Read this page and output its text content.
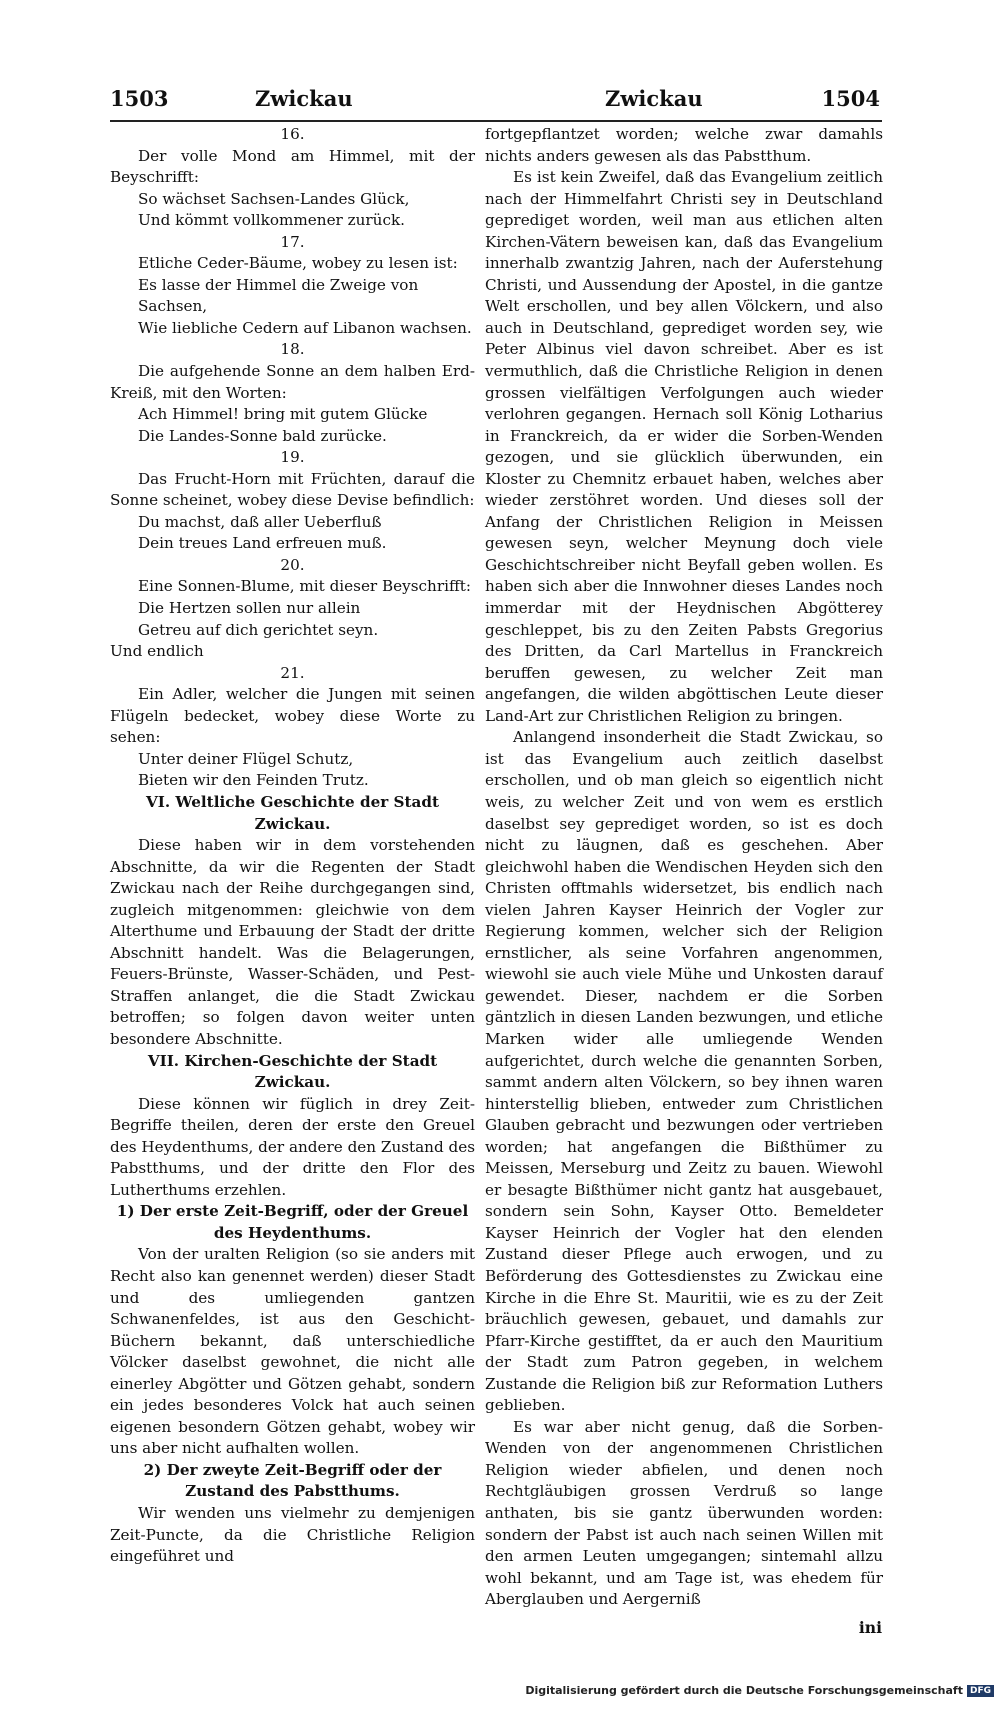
1503	Zwickau	Zwickau	1504

16.

Der volle Mond am Himmel, mit der Beyschrifft:

So wächset Sachsen-Landes Glück,

Und kömmt vollkommener zurück.

17.

Etliche Ceder-Bäume, wobey zu lesen ist:

Es lasse der Himmel die Zweige von Sachsen,

Wie liebliche Cedern auf Libanon wachsen.

18.

Die aufgehende Sonne an dem halben Erd-Kreiß, mit den Worten:

Ach Himmel! bring mit gutem Glücke

Die Landes-Sonne bald zurücke.

19.

Das Frucht-Horn mit Früchten, darauf die Sonne scheinet, wobey diese Devise befindlich:

Du machst, daß aller Ueberfluß

Dein treues Land erfreuen muß.

20.

Eine Sonnen-Blume, mit dieser Beyschrifft:

Die Hertzen sollen nur allein

Getreu auf dich gerichtet seyn.

Und endlich

21.

Ein Adler, welcher die Jungen mit seinen Flügeln bedecket, wobey diese Worte zu sehen:

Unter deiner Flügel Schutz,

Bieten wir den Feinden Trutz.

VI. Weltliche Geschichte der Stadt Zwickau.

Diese haben wir in dem vorstehenden Abschnitte, da wir die Regenten der Stadt Zwickau nach der Reihe durchgegangen sind, zugleich mitgenommen: gleichwie von dem Alterthume und Erbauung der Stadt der dritte Abschnitt handelt. Was die Belagerungen, Feuers-Brünste, Wasser-Schäden, und Pest-Straffen anlanget, die die Stadt Zwickau betroffen; so folgen davon weiter unten besondere Abschnitte.

VII. Kirchen-Geschichte der Stadt Zwickau.

Diese können wir füglich in drey Zeit-Begriffe theilen, deren der erste den Greuel des Heydenthums, der andere den Zustand des Pabstthums, und der dritte den Flor des Lutherthums erzehlen.

1) Der erste Zeit-Begriff, oder der Greuel des Heydenthums.

Von der uralten Religion (so sie anders mit Recht also kan genennet werden) dieser Stadt und des umliegenden gantzen Schwanenfeldes, ist aus den Geschicht-Büchern bekannt, daß unterschiedliche Völcker daselbst gewohnet, die nicht alle einerley Abgötter und Götzen gehabt, sondern ein jedes besonderes Volck hat auch seinen eigenen besondern Götzen gehabt, wobey wir uns aber nicht aufhalten wollen.

2) Der zweyte Zeit-Begriff oder der Zustand des Pabstthums.

Wir wenden uns vielmehr zu demjenigen Zeit-Puncte, da die Christliche Religion eingeführet und

fortgepflantzet worden; welche zwar damahls nichts anders gewesen als das Pabstthum.

Es ist kein Zweifel, daß das Evangelium zeitlich nach der Himmelfahrt Christi sey in Deutschland geprediget worden, weil man aus etlichen alten Kirchen-Vätern beweisen kan, daß das Evangelium innerhalb zwantzig Jahren, nach der Auferstehung Christi, und Aussendung der Apostel, in die gantze Welt erschollen, und bey allen Völckern, und also auch in Deutschland, geprediget worden sey, wie Peter Albinus viel davon schreibet. Aber es ist vermuthlich, daß die Christliche Religion in denen grossen vielfältigen Verfolgungen auch wieder verlohren gegangen. Hernach soll König Lotharius in Franckreich, da er wider die Sorben-Wenden gezogen, und sie glücklich überwunden, ein Kloster zu Chemnitz erbauet haben, welches aber wieder zerstöhret worden. Und dieses soll der Anfang der Christlichen Religion in Meissen gewesen seyn, welcher Meynung doch viele Geschichtschreiber nicht Beyfall geben wollen. Es haben sich aber die Innwohner dieses Landes noch immerdar mit der Heydnischen Abgötterey geschleppet, bis zu den Zeiten Pabsts Gregorius des Dritten, da Carl Martellus in Franckreich beruffen gewesen, zu welcher Zeit man angefangen, die wilden abgöttischen Leute dieser Land-Art zur Christlichen Religion zu bringen.

Anlangend insonderheit die Stadt Zwickau, so ist das Evangelium auch zeitlich daselbst erschollen, und ob man gleich so eigentlich nicht weis, zu welcher Zeit und von wem es erstlich daselbst sey geprediget worden, so ist es doch nicht zu läugnen, daß es geschehen. Aber gleichwohl haben die Wendischen Heyden sich den Christen offtmahls widersetzet, bis endlich nach vielen Jahren Kayser Heinrich der Vogler zur Regierung kommen, welcher sich der Religion ernstlicher, als seine Vorfahren angenommen, wiewohl sie auch viele Mühe und Unkosten darauf gewendet. Dieser, nachdem er die Sorben gäntzlich in diesen Landen bezwungen, und etliche Marken wider alle umliegende Wenden aufgerichtet, durch welche die genannten Sorben, sammt andern alten Völckern, so bey ihnen waren hinterstellig blieben, entweder zum Christlichen Glauben gebracht und bezwungen oder vertrieben worden; hat angefangen die Bißthümer zu Meissen, Merseburg und Zeitz zu bauen. Wiewohl er besagte Bißthümer nicht gantz hat ausgebauet, sondern sein Sohn, Kayser Otto. Bemeldeter Kayser Heinrich der Vogler hat den elenden Zustand dieser Pflege auch erwogen, und zu Beförderung des Gottesdienstes zu Zwickau eine Kirche in die Ehre St. Mauritii, wie es zu der Zeit bräuchlich gewesen, gebauet, und damahls zur Pfarr-Kirche gestifftet, da er auch den Mauritium der Stadt zum Patron gegeben, in welchem Zustande die Religion biß zur Reformation Luthers geblieben.

Es war aber nicht genug, daß die Sorben-Wenden von der angenommenen Christlichen Religion wieder abfielen, und denen noch Rechtgläubigen grossen Verdruß so lange anthaten, bis sie gantz überwunden worden: sondern der Pabst ist auch nach seinen Willen mit den armen Leuten umgegangen; sintemahl allzu wohl bekannt, und am Tage ist, was ehedem für Aberglauben und Aergerniß

ini
Digitalisierung gefördert durch die Deutsche Forschungsgemeinschaft DFG
